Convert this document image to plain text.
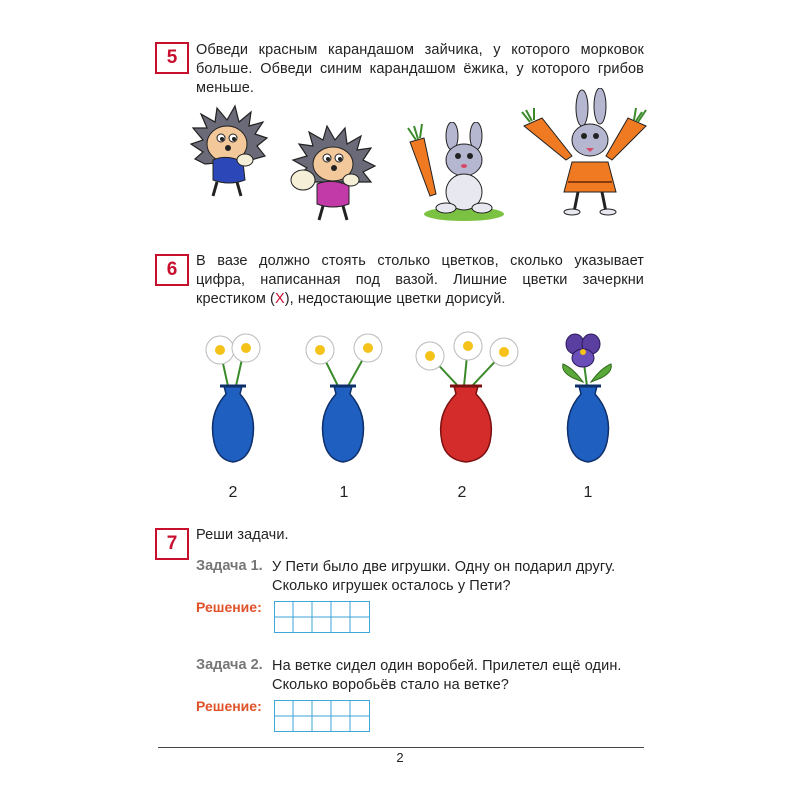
5	Обведи красным карандашом зайчика, у которого морковок больше. Обведи синим карандашом ёжика, у которого грибов меньше.
6	В вазе должно стоять столько цветков, сколько указывает цифра, написанная под вазой. Лишние цветки зачеркни крестиком (Х), недостающие цветки дорисуй.
2	1	2	1
7	Реши задачи.
Задача 1. У Пети было две игрушки. Одну он подарил другу.
Сколько игрушек осталось у Пети?
Решение:
Задача 2. На ветке сидел один воробей. Прилетел ещё один.
Сколько воробьёв стало на ветке?
Решение:
2
